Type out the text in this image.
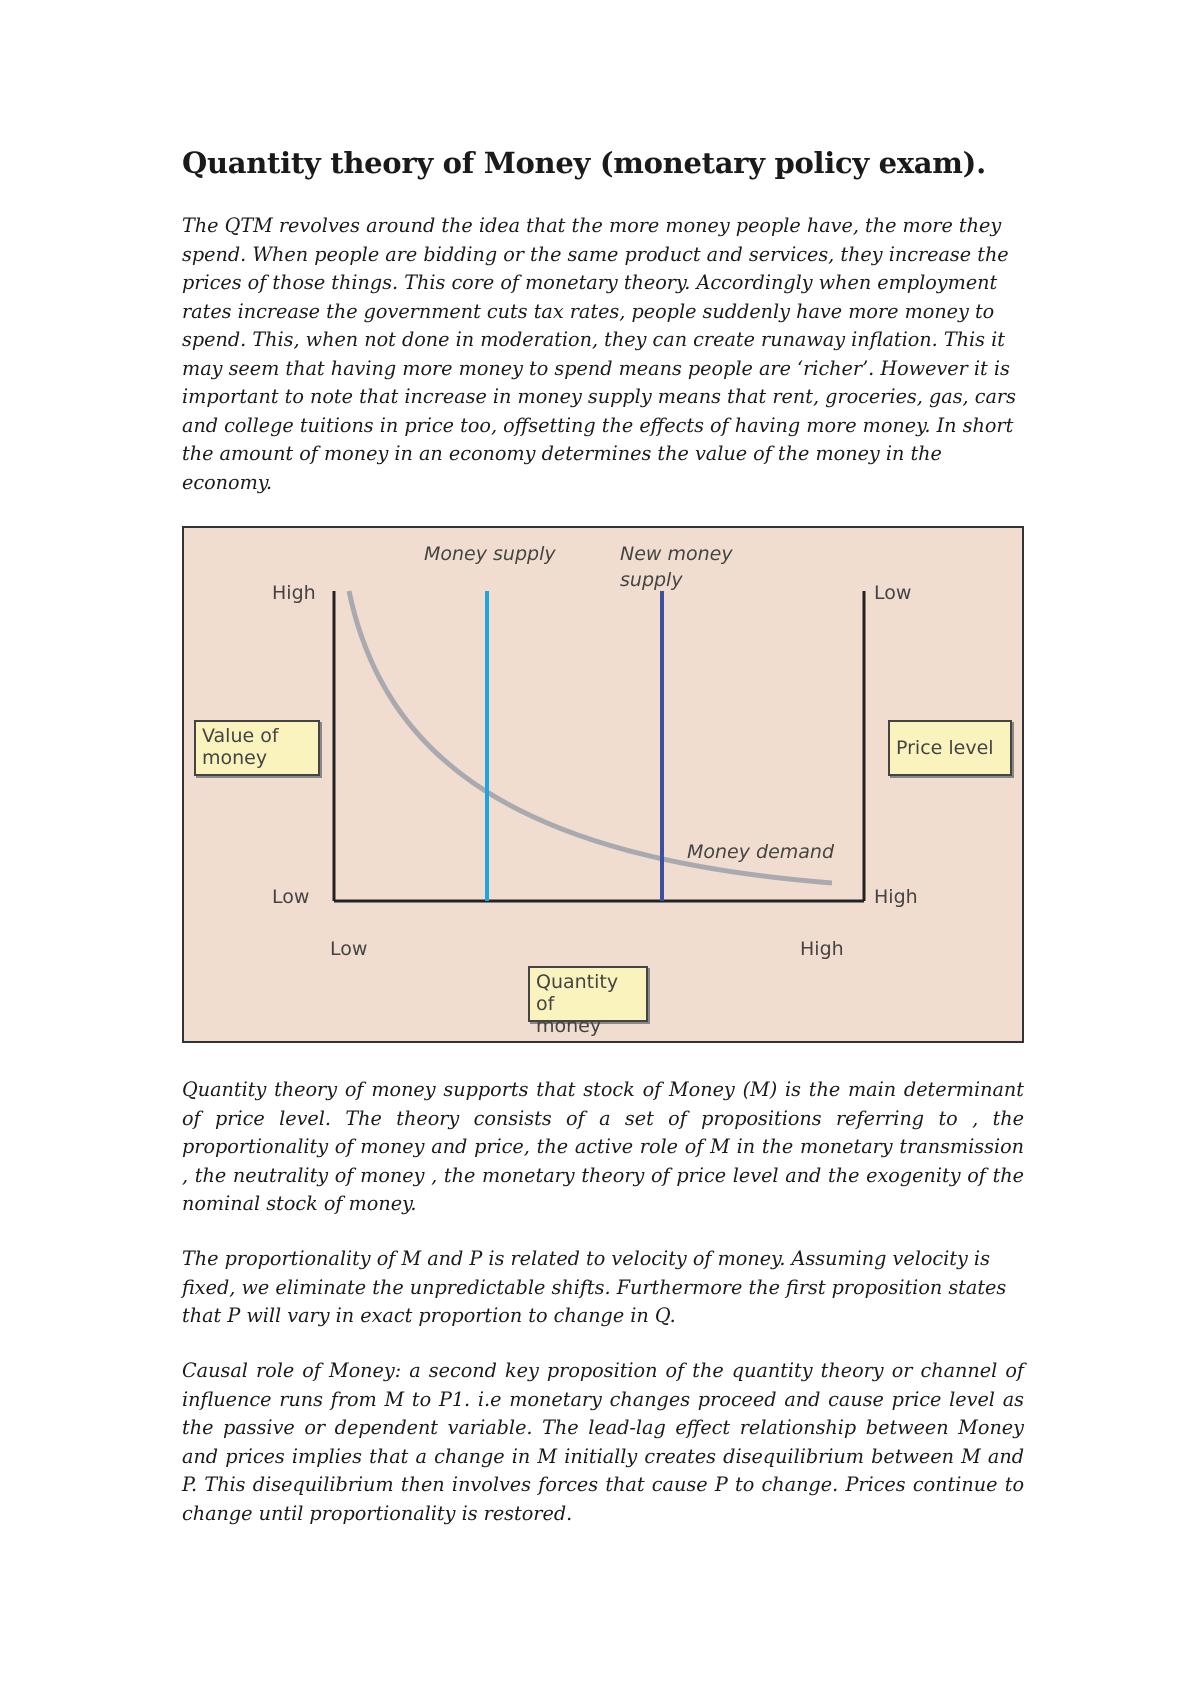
Quantity theory of Money (monetary policy exam).

The QTM revolves around the idea that the more money people have, the more they spend. When people are bidding or the same product and services, they increase the prices of those things. This core of monetary theory. Accordingly when employment rates increase the government cuts tax rates, people suddenly have more money to spend. This, when not done in moderation, they can create runaway inflation. This it may seem that having more money to spend means people are ‘richer’. However it is important to note that increase in money supply means that rent, groceries, gas, cars and college tuitions in price too, offsetting the effects of having more money. In short the amount of money in an economy determines the value of the money in the economy.

Money supply	New money
supply
Money demand
High
Low
Low
High
Low	High
Value of
money	Price level
Quantity of
money

Quantity theory of money supports that stock of Money (M) is the main determinant of price level. The theory consists of a set of propositions referring to , the proportionality of money and price, the active role of M in the monetary transmission , the neutrality of money , the monetary theory of price level and the exogenity of the nominal stock of money.

The proportionality of M and P is related to velocity of money. Assuming velocity is fixed, we eliminate the unpredictable shifts. Furthermore the first proposition states that P will vary in exact proportion to change in Q.

Causal role of Money: a second key proposition of the quantity theory or channel of influence runs from M to P1. i.e monetary changes proceed and cause price level as the passive or dependent variable. The lead-lag effect relationship between Money and prices implies that a change in M initially creates disequilibrium between M and P. This disequilibrium then involves forces that cause P to change. Prices continue to change until proportionality is restored.
